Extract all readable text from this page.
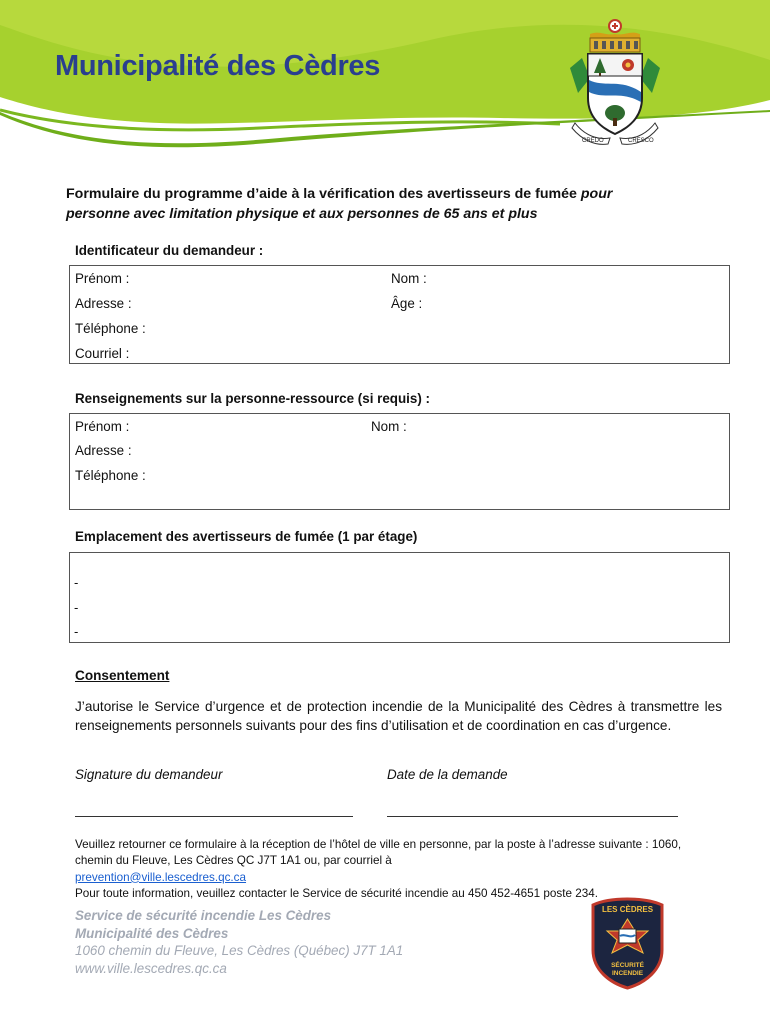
Municipalité des Cèdres
CREDO	CRESCO
Formulaire du programme d’aide à la vérification des avertisseurs de fumée pour
personne avec limitation physique et aux personnes de 65 ans et plus
Identificateur du demandeur :
Prénom :	Nom :
Adresse :	Âge :
Téléphone :
Courriel :
Renseignements sur la personne-ressource (si requis) :
Prénom :	Nom :
Adresse :
Téléphone :
Emplacement des avertisseurs de fumée (1 par étage)
-
-
-
Consentement
J’autorise le Service d’urgence et de protection incendie de la Municipalité des Cèdres à transmettre les renseignements personnels suivants pour des fins d’utilisation et de coordination en cas d’urgence.
Signature du demandeur	Date de la demande
Veuillez retourner ce formulaire à la réception de l’hôtel de ville en personne, par la poste à l’adresse suivante : 1060, chemin du Fleuve, Les Cèdres QC J7T 1A1 ou, par courriel à
prevention@ville.lescedres.qc.ca
Pour toute information, veuillez contacter le Service de sécurité incendie au 450 452-4651 poste 234.
Service de sécurité incendie Les Cèdres
Municipalité des Cèdres
1060 chemin du Fleuve, Les Cèdres (Québec) J7T 1A1
www.ville.lescedres.qc.ca
LES CÈDRES
SÉCURITÉ
INCENDIE
